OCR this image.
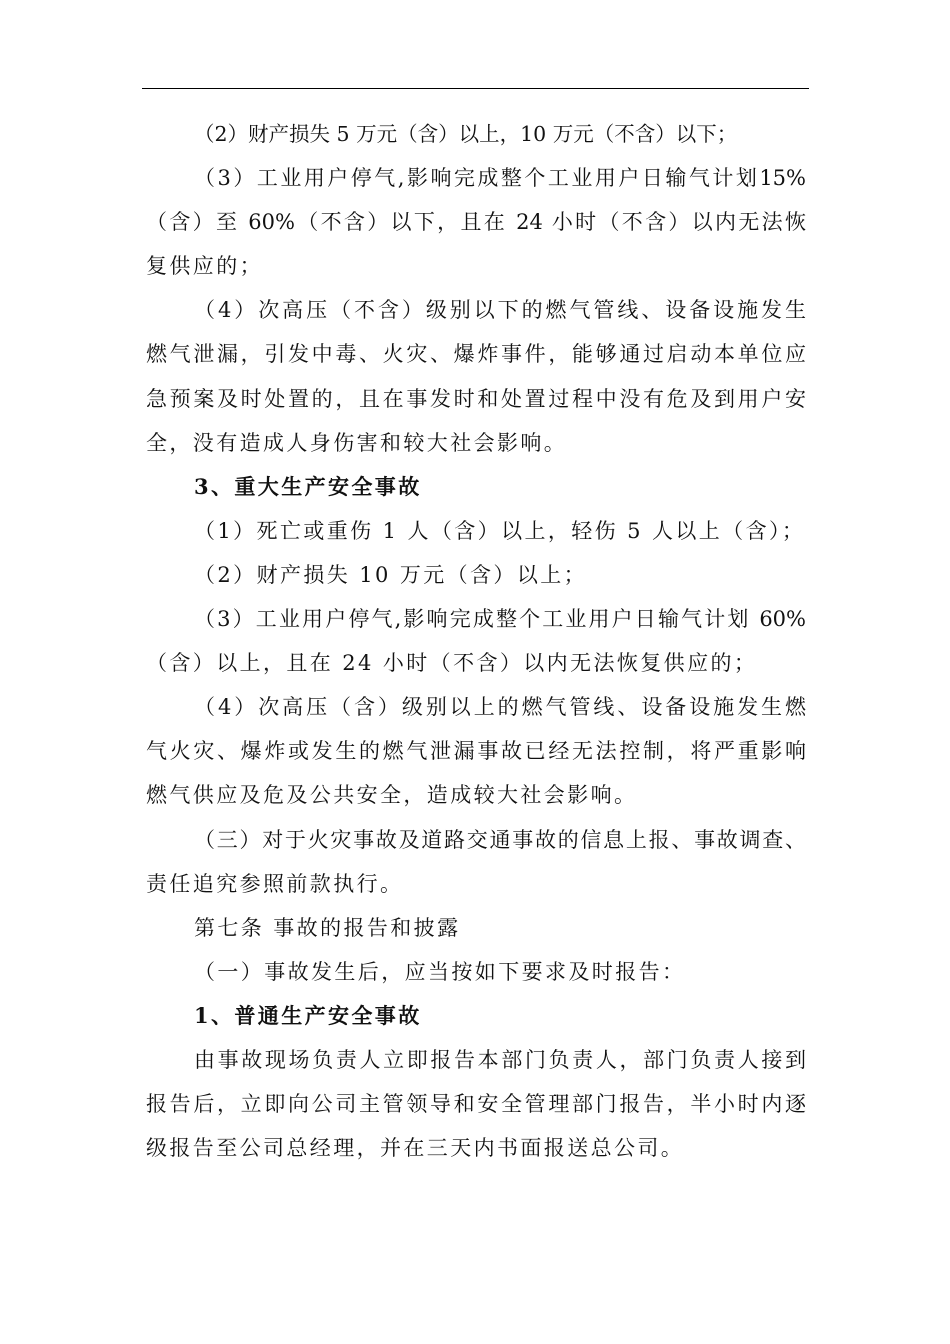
（2）财产损失 5 万元（含）以上，10 万元（不含）以下；
（3）工业用户停气,影响完成整个工业用户日输气计划15%
（含）至 60%（不含）以下，且在 24 小时（不含）以内无法恢
复供应的；
（4）次高压（不含）级别以下的燃气管线、设备设施发生
燃气泄漏，引发中毒、火灾、爆炸事件，能够通过启动本单位应
急预案及时处置的，且在事发时和处置过程中没有危及到用户安
全，没有造成人身伤害和较大社会影响。
3、重大生产安全事故
（1）死亡或重伤 1 人（含）以上，轻伤 5 人以上（含）；
（2）财产损失 10 万元（含）以上；
（3）工业用户停气,影响完成整个工业用户日输气计划 60%
（含）以上，且在 24 小时（不含）以内无法恢复供应的；
（4）次高压（含）级别以上的燃气管线、设备设施发生燃
气火灾、爆炸或发生的燃气泄漏事故已经无法控制，将严重影响
燃气供应及危及公共安全，造成较大社会影响。
（三）对于火灾事故及道路交通事故的信息上报、事故调查、
责任追究参照前款执行。
第七条 事故的报告和披露
（一）事故发生后，应当按如下要求及时报告：
1、普通生产安全事故
由事故现场负责人立即报告本部门负责人，部门负责人接到
报告后，立即向公司主管领导和安全管理部门报告，半小时内逐
级报告至公司总经理，并在三天内书面报送总公司。
